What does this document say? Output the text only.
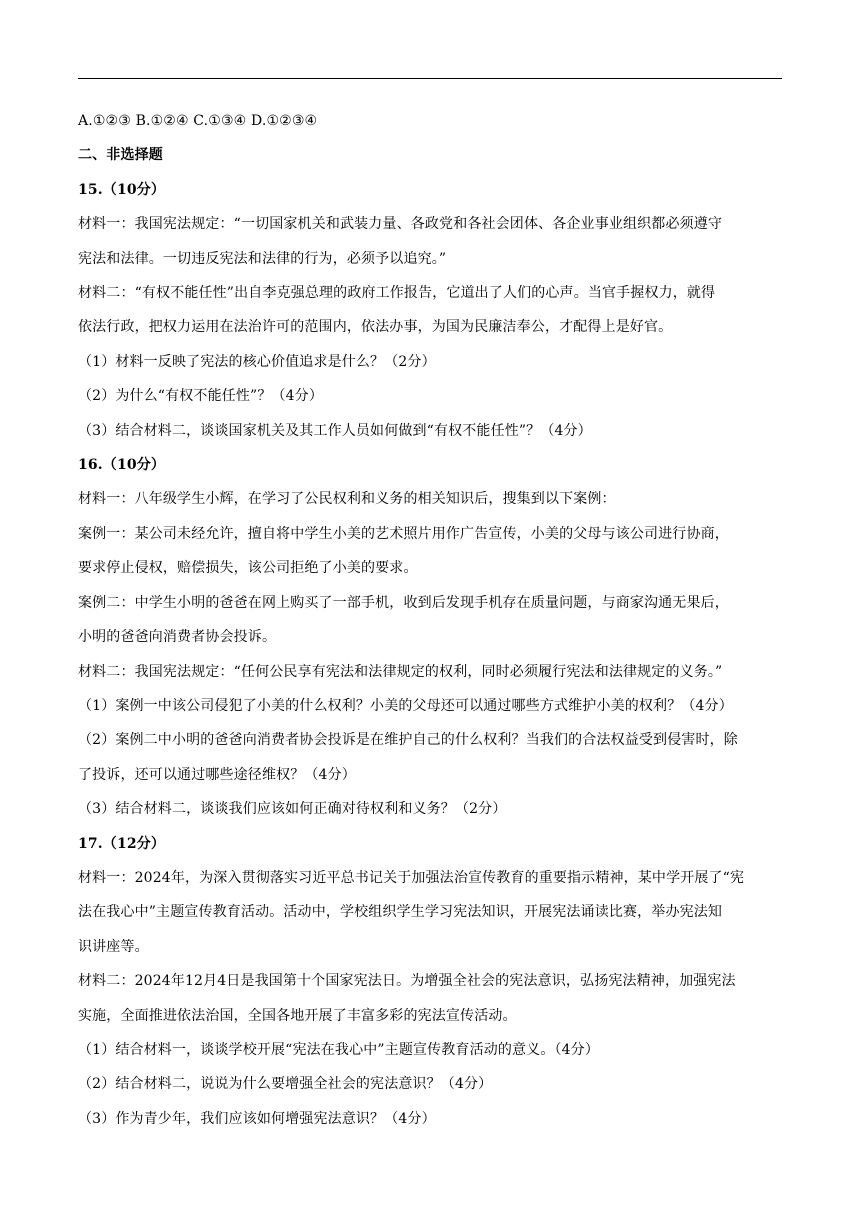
A.①②③ B.①②④ C.①③④ D.①②③④
二、非选择题
15.（10分）
材料一：我国宪法规定：“一切国家机关和武装力量、各政党和各社会团体、各企业事业组织都必须遵守
宪法和法律。一切违反宪法和法律的行为，必须予以追究。”
材料二：“有权不能任性”出自李克强总理的政府工作报告，它道出了人们的心声。当官手握权力，就得
依法行政，把权力运用在法治许可的范围内，依法办事，为国为民廉洁奉公，才配得上是好官。
（1）材料一反映了宪法的核心价值追求是什么？（2分）
（2）为什么“有权不能任性”？（4分）
（3）结合材料二，谈谈国家机关及其工作人员如何做到“有权不能任性”？（4分）
16.（10分）
材料一：八年级学生小辉，在学习了公民权利和义务的相关知识后，搜集到以下案例：
案例一：某公司未经允许，擅自将中学生小美的艺术照片用作广告宣传，小美的父母与该公司进行协商，
要求停止侵权，赔偿损失，该公司拒绝了小美的要求。
案例二：中学生小明的爸爸在网上购买了一部手机，收到后发现手机存在质量问题，与商家沟通无果后，
小明的爸爸向消费者协会投诉。
材料二：我国宪法规定：“任何公民享有宪法和法律规定的权利，同时必须履行宪法和法律规定的义务。”
（1）案例一中该公司侵犯了小美的什么权利？小美的父母还可以通过哪些方式维护小美的权利？（4分）
（2）案例二中小明的爸爸向消费者协会投诉是在维护自己的什么权利？当我们的合法权益受到侵害时，除
了投诉，还可以通过哪些途径维权？（4分）
（3）结合材料二，谈谈我们应该如何正确对待权利和义务？（2分）
17.（12分）
材料一：2024年，为深入贯彻落实习近平总书记关于加强法治宣传教育的重要指示精神，某中学开展了“宪
法在我心中”主题宣传教育活动。活动中，学校组织学生学习宪法知识，开展宪法诵读比赛，举办宪法知
识讲座等。
材料二：2024年12月4日是我国第十个国家宪法日。为增强全社会的宪法意识，弘扬宪法精神，加强宪法
实施，全面推进依法治国，全国各地开展了丰富多彩的宪法宣传活动。
（1）结合材料一，谈谈学校开展“宪法在我心中”主题宣传教育活动的意义。（4分）
（2）结合材料二，说说为什么要增强全社会的宪法意识？（4分）
（3）作为青少年，我们应该如何增强宪法意识？（4分）
